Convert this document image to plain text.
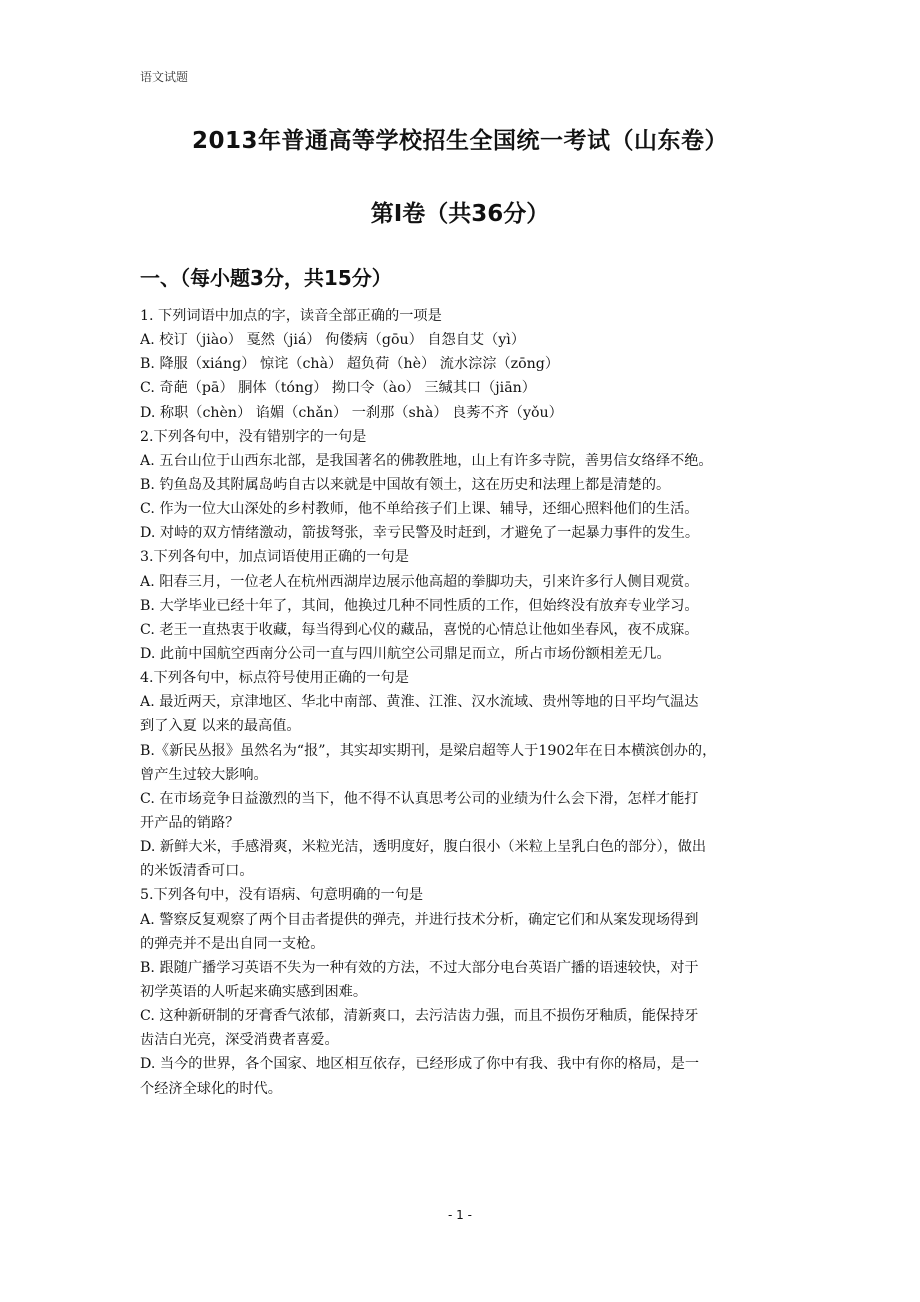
语文试题
2013年普通高等学校招生全国统一考试（山东卷）
第Ⅰ卷（共36分）
一、（每小题3分，共15分）
1. 下列词语中加点的字，读音全部正确的一项是
A. 校订（jiào） 戛然（jiá） 佝偻病（gōu） 自怨自艾（yì）
B. 降服（xiáng） 惊诧（chà） 超负荷（hè） 流水淙淙（zōng）
C. 奇葩（pā） 胴体（tóng） 拗口令（ào） 三缄其口（jiān）
D. 称职（chèn） 谄媚（chǎn） 一刹那（shà） 良莠不齐（yǒu）
2.下列各句中，没有错别字的一句是
A. 五台山位于山西东北部，是我国著名的佛教胜地，山上有许多寺院，善男信女络绎不绝。
B. 钓鱼岛及其附属岛屿自古以来就是中国故有领土，这在历史和法理上都是清楚的。
C. 作为一位大山深处的乡村教师，他不单给孩子们上课、辅导，还细心照料他们的生活。
D. 对峙的双方情绪激动，箭拔弩张，幸亏民警及时赶到，才避免了一起暴力事件的发生。
3.下列各句中，加点词语使用正确的一句是
A. 阳春三月，一位老人在杭州西湖岸边展示他高超的拳脚功夫，引来许多行人侧目观赏。
B. 大学毕业已经十年了，其间，他换过几种不同性质的工作，但始终没有放弃专业学习。
C. 老王一直热衷于收藏，每当得到心仪的藏品，喜悦的心情总让他如坐春风，夜不成寐。
D. 此前中国航空西南分公司一直与四川航空公司鼎足而立，所占市场份额相差无几。
4.下列各句中，标点符号使用正确的一句是
A. 最近两天，京津地区、华北中南部、黄淮、江淮、汉水流域、贵州等地的日平均气温达
到了入夏 以来的最高值。
B.《新民丛报》虽然名为“报”，其实却实期刊，是梁启超等人于1902年在日本横滨创办的，
曾产生过较大影响。
C. 在市场竞争日益激烈的当下，他不得不认真思考公司的业绩为什么会下滑，怎样才能打
开产品的销路？
D. 新鲜大米，手感滑爽，米粒光洁，透明度好，腹白很小（米粒上呈乳白色的部分），做出
的米饭清香可口。
5.下列各句中，没有语病、句意明确的一句是
A. 警察反复观察了两个目击者提供的弹壳，并进行技术分析，确定它们和从案发现场得到
的弹壳并不是出自同一支枪。
B. 跟随广播学习英语不失为一种有效的方法，不过大部分电台英语广播的语速较快，对于
初学英语的人听起来确实感到困难。
C. 这种新研制的牙膏香气浓郁，清新爽口，去污洁齿力强，而且不损伤牙釉质，能保持牙
齿洁白光亮，深受消费者喜爱。
D. 当今的世界，各个国家、地区相互依存，已经形成了你中有我、我中有你的格局，是一
个经济全球化的时代。
- 1 -
